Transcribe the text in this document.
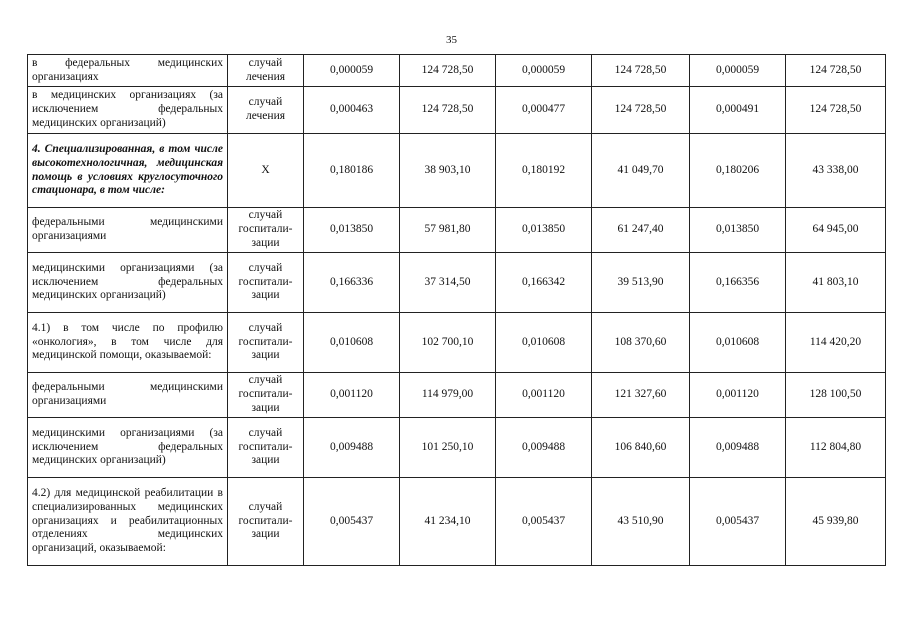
35
в федеральных медицинских организациях	случай лечения	0,000059	124 728,50	0,000059	124 728,50	0,000059	124 728,50
в медицинских организациях (за исключением федеральных медицинских организаций)	случай лечения	0,000463	124 728,50	0,000477	124 728,50	0,000491	124 728,50
4. Специализированная, в том числе высокотехнологичная, медицинская помощь в условиях круглосуточного стационара, в том числе:	Х	0,180186	38 903,10	0,180192	41 049,70	0,180206	43 338,00
федеральными медицинскими организациями	случай госпитали-зации	0,013850	57 981,80	0,013850	61 247,40	0,013850	64 945,00
медицинскими организациями (за исключением федеральных медицинских организаций)	случай госпитали-зации	0,166336	37 314,50	0,166342	39 513,90	0,166356	41 803,10
4.1) в том числе по профилю «онкология», в том числе для медицинской помощи, оказываемой:	случай госпитали-зации	0,010608	102 700,10	0,010608	108 370,60	0,010608	114 420,20
федеральными медицинскими организациями	случай госпитали-зации	0,001120	114 979,00	0,001120	121 327,60	0,001120	128 100,50
медицинскими организациями (за исключением федеральных медицинских организаций)	случай госпитали-зации	0,009488	101 250,10	0,009488	106 840,60	0,009488	112 804,80
4.2) для медицинской реабилитации в специализированных медицинских организациях и реабилитационных отделениях медицинских организаций, оказываемой:	случай госпитали-зации	0,005437	41 234,10	0,005437	43 510,90	0,005437	45 939,80
